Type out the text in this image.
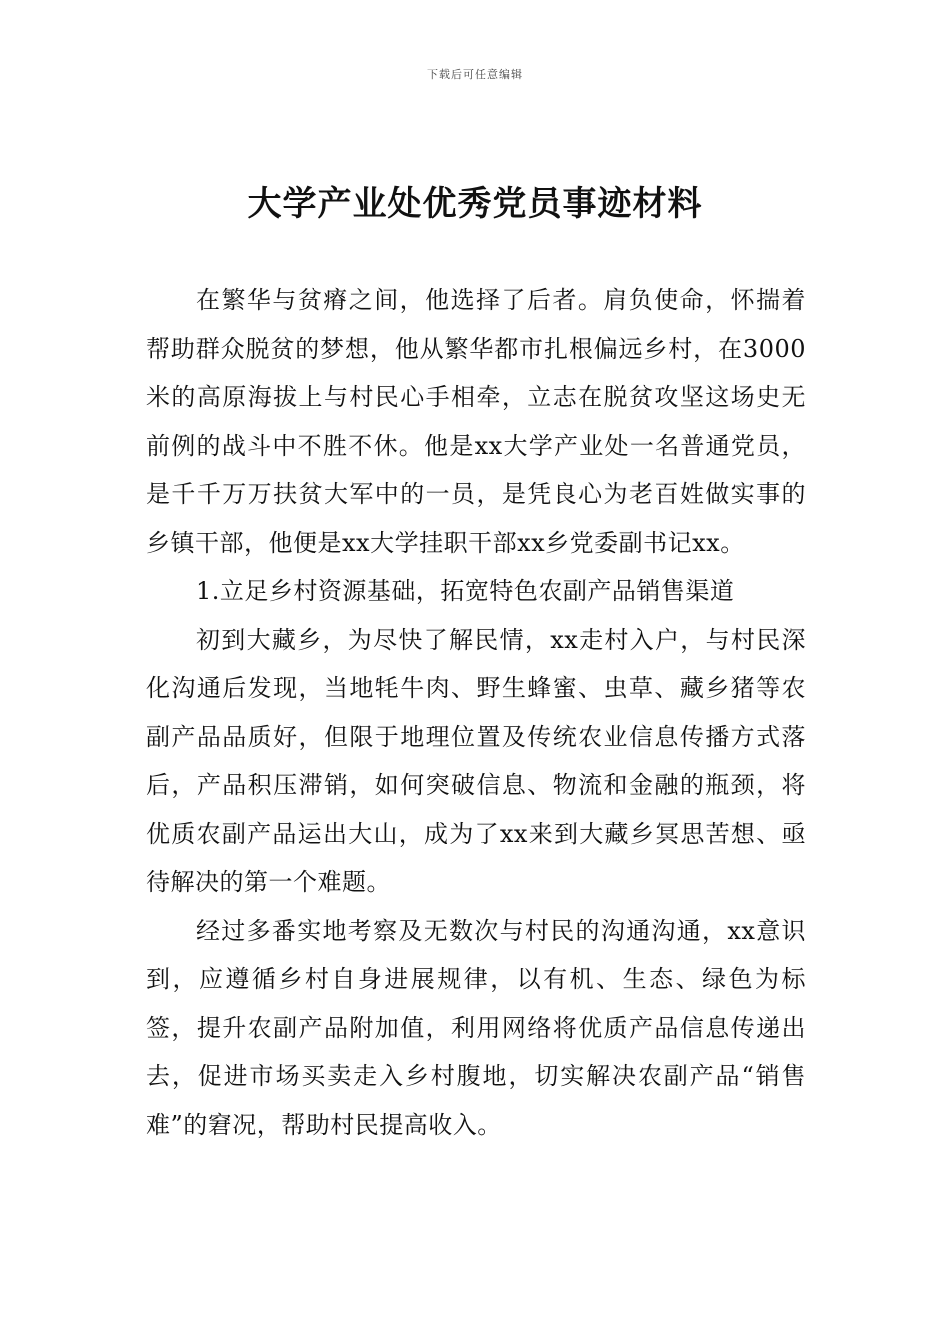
下载后可任意编辑
大学产业处优秀党员事迹材料

在繁华与贫瘠之间，他选择了后者。肩负使命，怀揣着帮助群众脱贫的梦想，他从繁华都市扎根偏远乡村，在3000米的高原海拔上与村民心手相牵，立志在脱贫攻坚这场史无前例的战斗中不胜不休。他是xx大学产业处一名普通党员，是千千万万扶贫大军中的一员，是凭良心为老百姓做实事的乡镇干部，他便是xx大学挂职干部xx乡党委副书记xx。

1.立足乡村资源基础，拓宽特色农副产品销售渠道

初到大藏乡，为尽快了解民情，xx走村入户，与村民深化沟通后发现，当地牦牛肉、野生蜂蜜、虫草、藏乡猪等农副产品品质好，但限于地理位置及传统农业信息传播方式落后，产品积压滞销，如何突破信息、物流和金融的瓶颈，将优质农副产品运出大山，成为了xx来到大藏乡冥思苦想、亟待解决的第一个难题。

经过多番实地考察及无数次与村民的沟通沟通，xx意识到，应遵循乡村自身进展规律，以有机、生态、绿色为标签，提升农副产品附加值，利用网络将优质产品信息传递出去，促进市场买卖走入乡村腹地，切实解决农副产品“销售难”的窘况，帮助村民提高收入。
